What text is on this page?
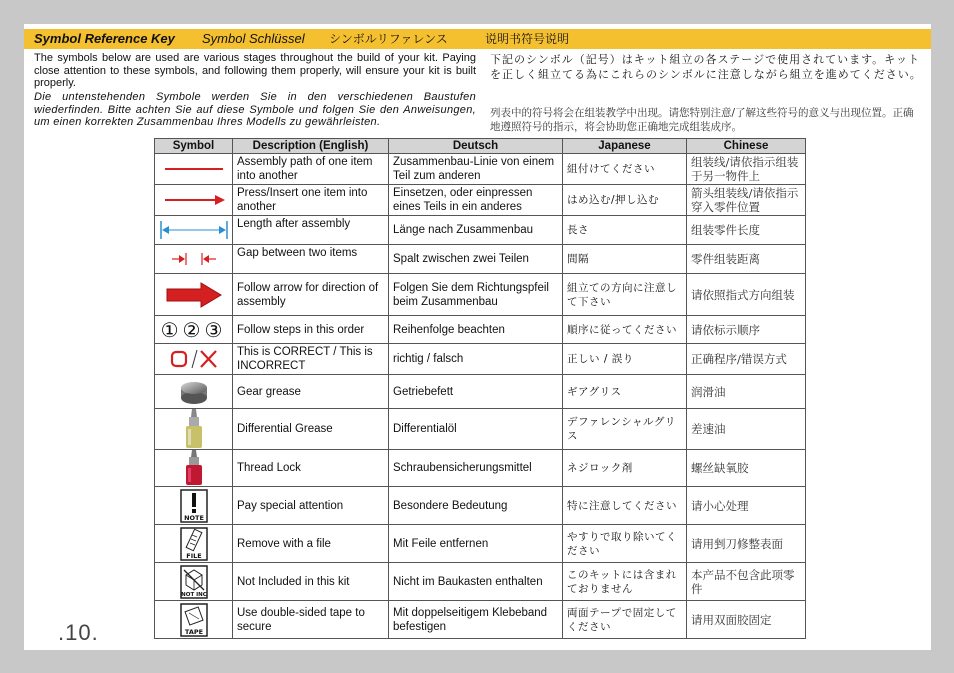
Symbol Reference Key Symbol Schlüssel シンボルリファレンス	说明书符号说明
The symbols below are used are various stages throughout the build of your kit. Paying close attention to these symbols, and following them properly, will ensure your kit is built properly.
Die untenstehenden Symbole werden Sie in den verschiedenen Baustufen wiederfinden. Bitte achten Sie auf diese Symbole und folgen Sie den Anweisungen, um einen korrekten Zusammenbau Ihres Modells zu gewährleisten.
下記のシンボル（記号）はキット組立の各ステージで使用されています。キットを正しく組立てる為にこれらのシンボルに注意しながら組立を進めてください。
列表中的符号将会在组装教学中出现。请您特别注意/了解这些符号的意义与出现位置。正确地遵照符号的指示，将会协助您正确地完成组装成序。
Symbol	Description (English)	Deutsch	Japanese	Chinese

	Assembly path of one item into another	Zusammenbau-Linie von einem Teil zum anderen	組付けてください	组装线/请依指示组装于另一物件上

	Press/Insert one item into another	Einsetzen, oder einpressen eines Teils in ein anderes	はめ込む/押し込む	箭头组装线/请依指示穿入零件位置

	Length after assembly	Länge nach Zusammenbau	長さ	组装零件长度

	Gap between two items	Spalt zwischen zwei Teilen	間隔	零件组装距离

	Follow arrow for direction of assembly	Folgen Sie dem Richtungspfeil beim Zusammenbau	組立ての方向に注意して下さい	请依照指式方向组装
①②③	Follow steps in this order	Reihenfolge beachten	順序に従ってください	请依标示顺序

	This is CORRECT / This is INCORRECT	richtig / falsch	正しい / 誤り	正确程序/错误方式

	Gear grease	Getriebefett	ギアグリス	润滑油

	Differential Grease	Differentialöl	デファレンシャルグリス	差速油

	Thread Lock	Schraubensicherungsmittel	ネジロック剤	螺丝缺氧胶

NOTE	Pay special attention	Besondere Bedeutung	特に注意してください	请小心处理

FILE	Remove with a file	Mit Feile entfernen	やすりで取り除いてください	请用剉刀修整表面

NOT INC	Not Included in this kit	Nicht im Baukasten enthalten	このキットには含まれておりません	本产品不包含此项零件

TAPE	Use double-sided tape to secure	Mit doppelseitigem Klebeband befestigen	両面テープで固定してください	请用双面胶固定
.10.
